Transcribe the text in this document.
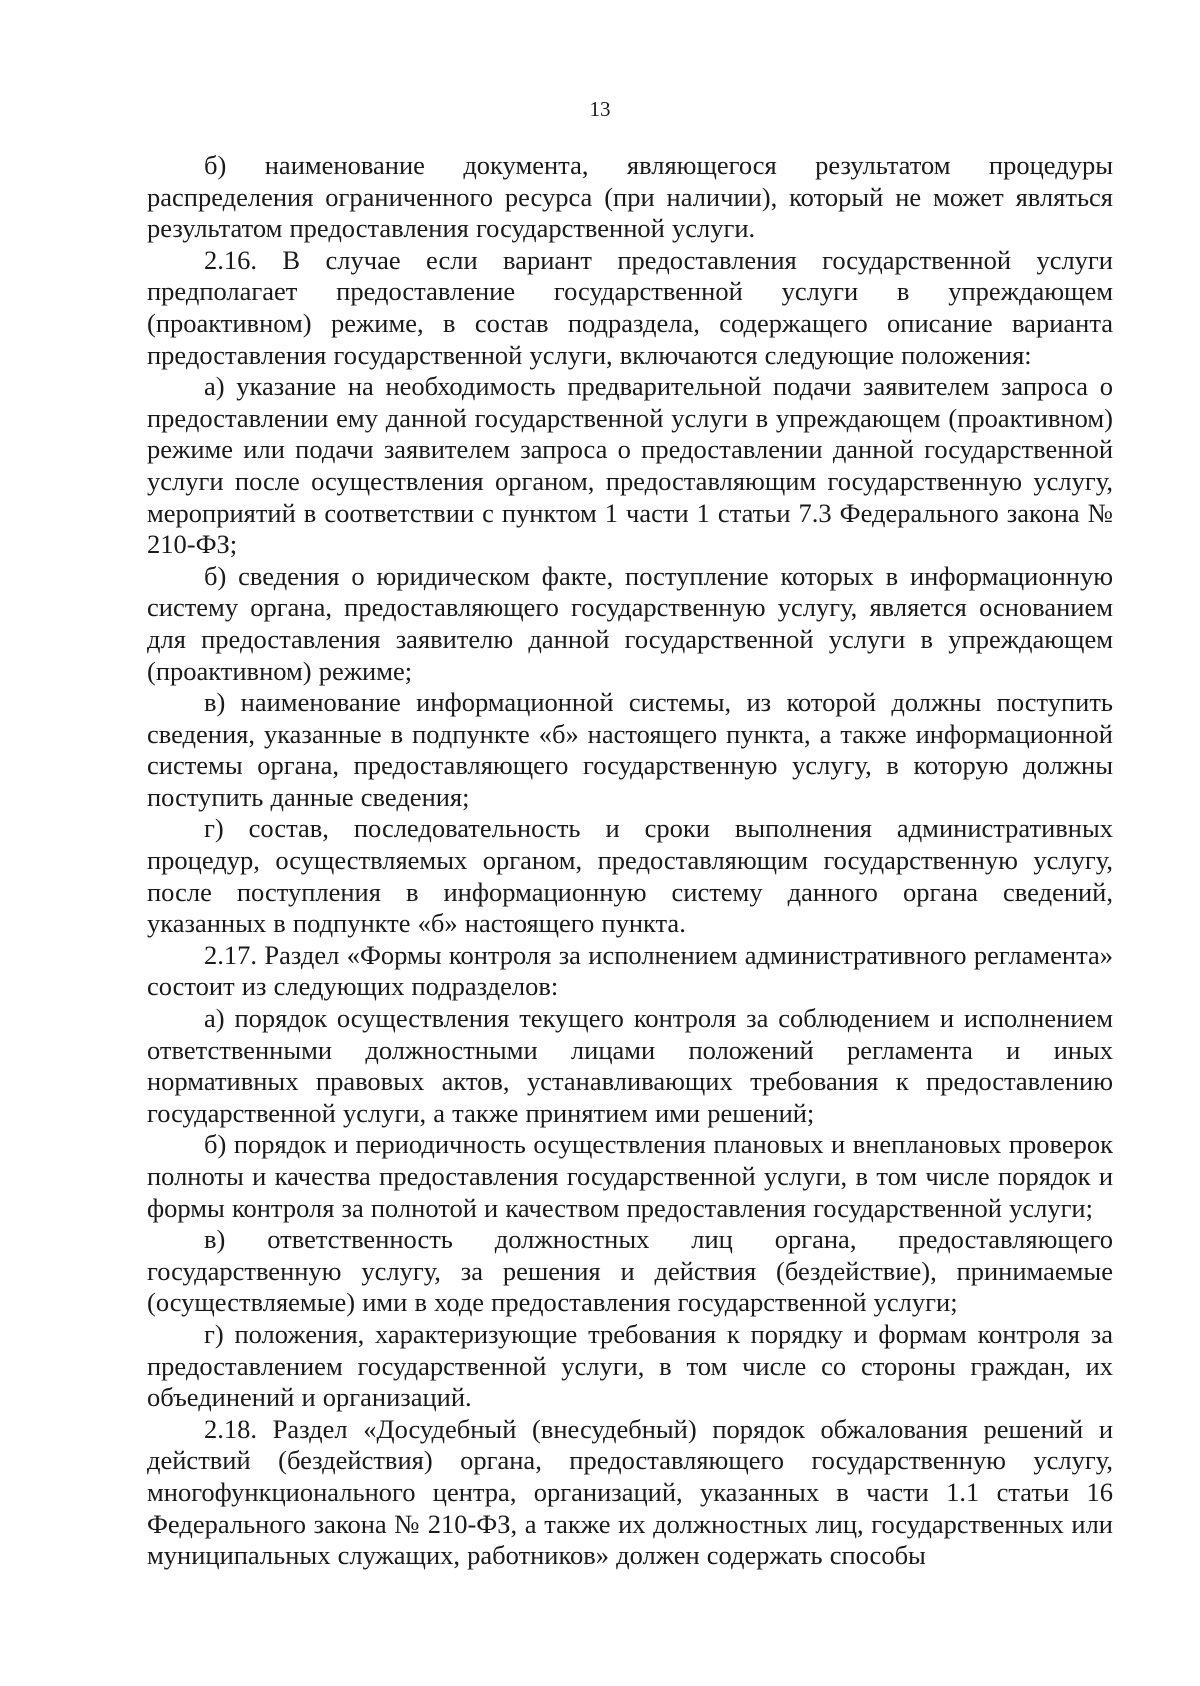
13

б) наименование документа, являющегося результатом процедуры распределения ограниченного ресурса (при наличии), который не может являться результатом предоставления государственной услуги.

2.16. В случае если вариант предоставления государственной услуги предполагает предоставление государственной услуги в упреждающем (проактивном) режиме, в состав подраздела, содержащего описание варианта предоставления государственной услуги, включаются следующие положения:

а) указание на необходимость предварительной подачи заявителем запроса о предоставлении ему данной государственной услуги в упреждающем (проактивном) режиме или подачи заявителем запроса о предоставлении данной государственной услуги после осуществления органом, предоставляющим государственную услугу, мероприятий в соответствии с пунктом 1 части 1 статьи 7.3 Федерального закона № 210-ФЗ;

б) сведения о юридическом факте, поступление которых в информационную систему органа, предоставляющего государственную услугу, является основанием для предоставления заявителю данной государственной услуги в упреждающем (проактивном) режиме;

в) наименование информационной системы, из которой должны поступить сведения, указанные в подпункте «б» настоящего пункта, а также информационной системы органа, предоставляющего государственную услугу, в которую должны поступить данные сведения;

г) состав, последовательность и сроки выполнения административных процедур, осуществляемых органом, предоставляющим государственную услугу, после поступления в информационную систему данного органа сведений, указанных в подпункте «б» настоящего пункта.

2.17. Раздел «Формы контроля за исполнением административного регламента» состоит из следующих подразделов:

а) порядок осуществления текущего контроля за соблюдением и исполнением ответственными должностными лицами положений регламента и иных нормативных правовых актов, устанавливающих требования к предоставлению государственной услуги, а также принятием ими решений;

б) порядок и периодичность осуществления плановых и внеплановых проверок полноты и качества предоставления государственной услуги, в том числе порядок и формы контроля за полнотой и качеством предоставления государственной услуги;

в) ответственность должностных лиц органа, предоставляющего государственную услугу, за решения и действия (бездействие), принимаемые (осуществляемые) ими в ходе предоставления государственной услуги;

г) положения, характеризующие требования к порядку и формам контроля за предоставлением государственной услуги, в том числе со стороны граждан, их объединений и организаций.

2.18. Раздел «Досудебный (внесудебный) порядок обжалования решений и действий (бездействия) органа, предоставляющего государственную услугу, многофункционального центра, организаций, указанных в части 1.1 статьи 16 Федерального закона № 210-ФЗ, а также их должностных лиц, государственных или муниципальных служащих, работников» должен содержать способы
